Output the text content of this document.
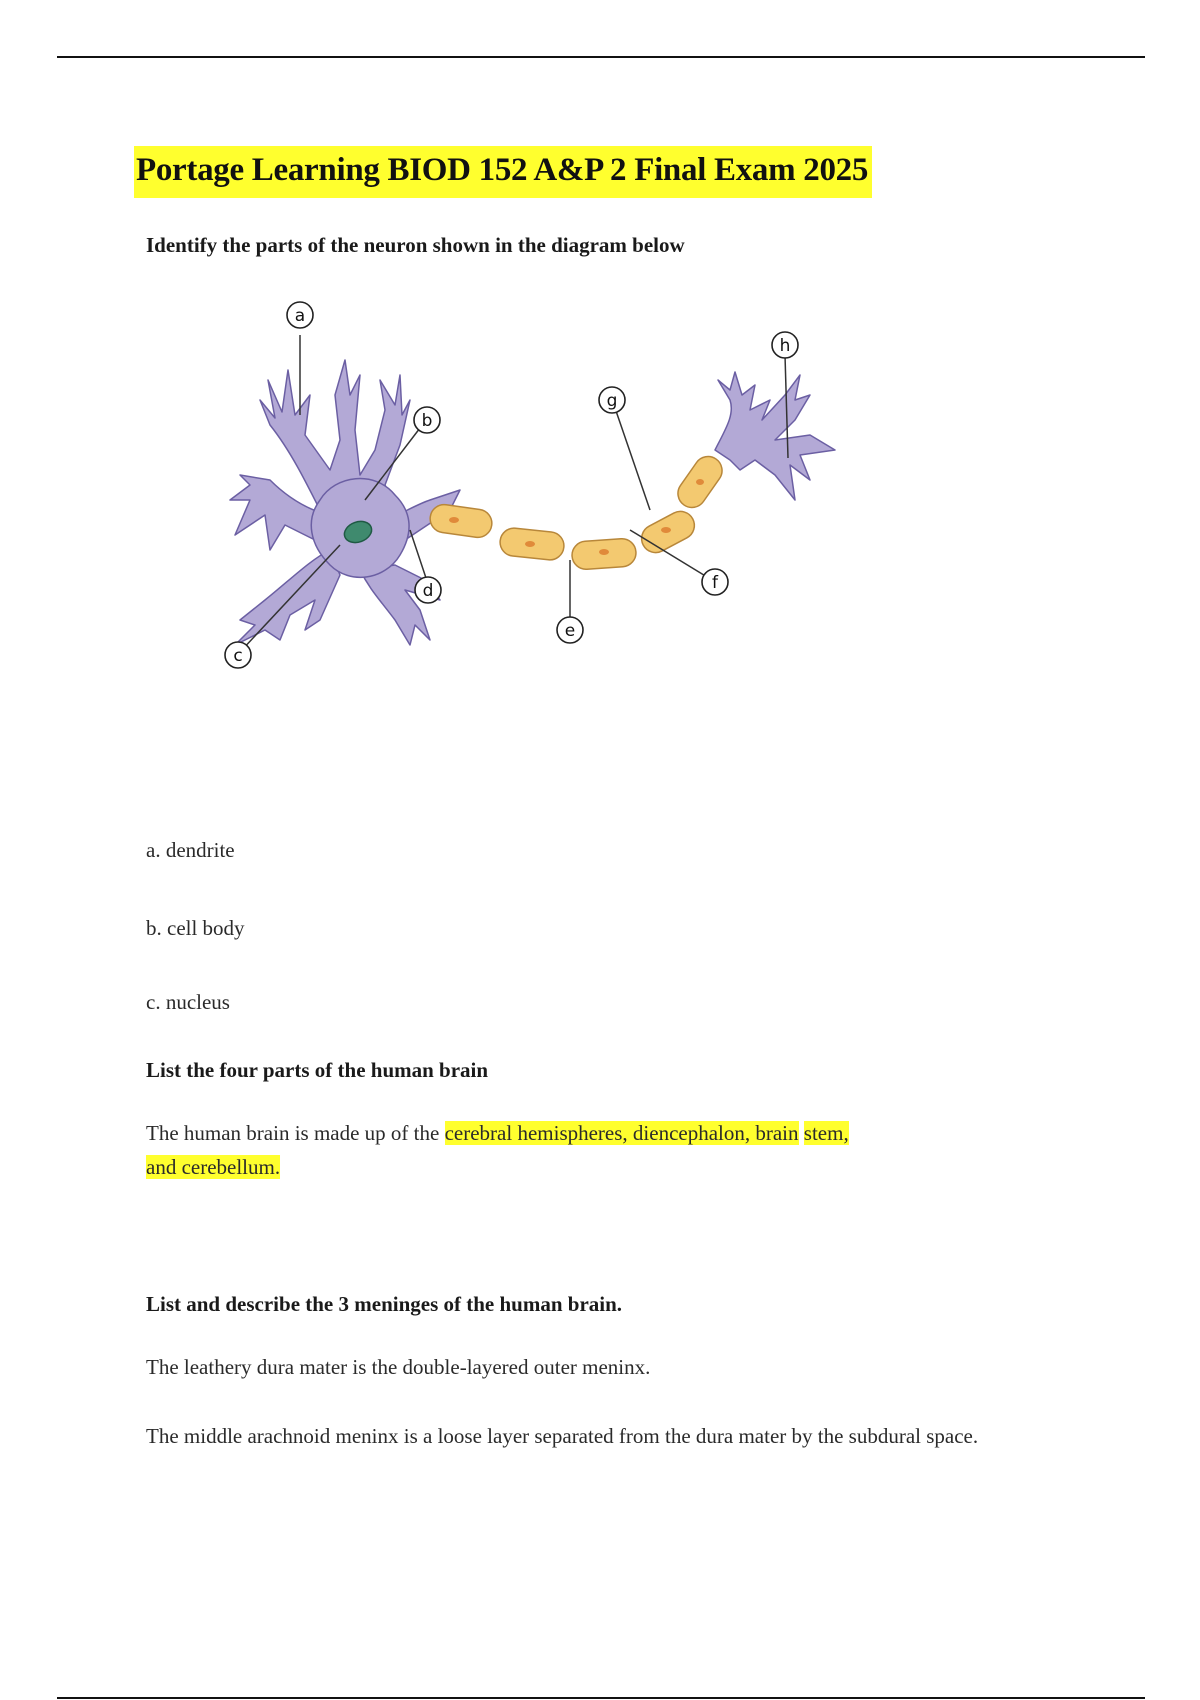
Portage Learning BIOD 152 A&P 2 Final Exam 2025

Identify the parts of the neuron shown in the diagram below

a
b
c
d
e
f
g
h

a. dendrite

b. cell body

c. nucleus

List the four parts of the human brain

The human brain is made up of the cerebral hemispheres, diencephalon, brain stem,

and cerebellum.

List and describe the 3 meninges of the human brain.

The leathery dura mater is the double-layered outer meninx.

The middle arachnoid meninx is a loose layer separated from the dura mater by the subdural space.
